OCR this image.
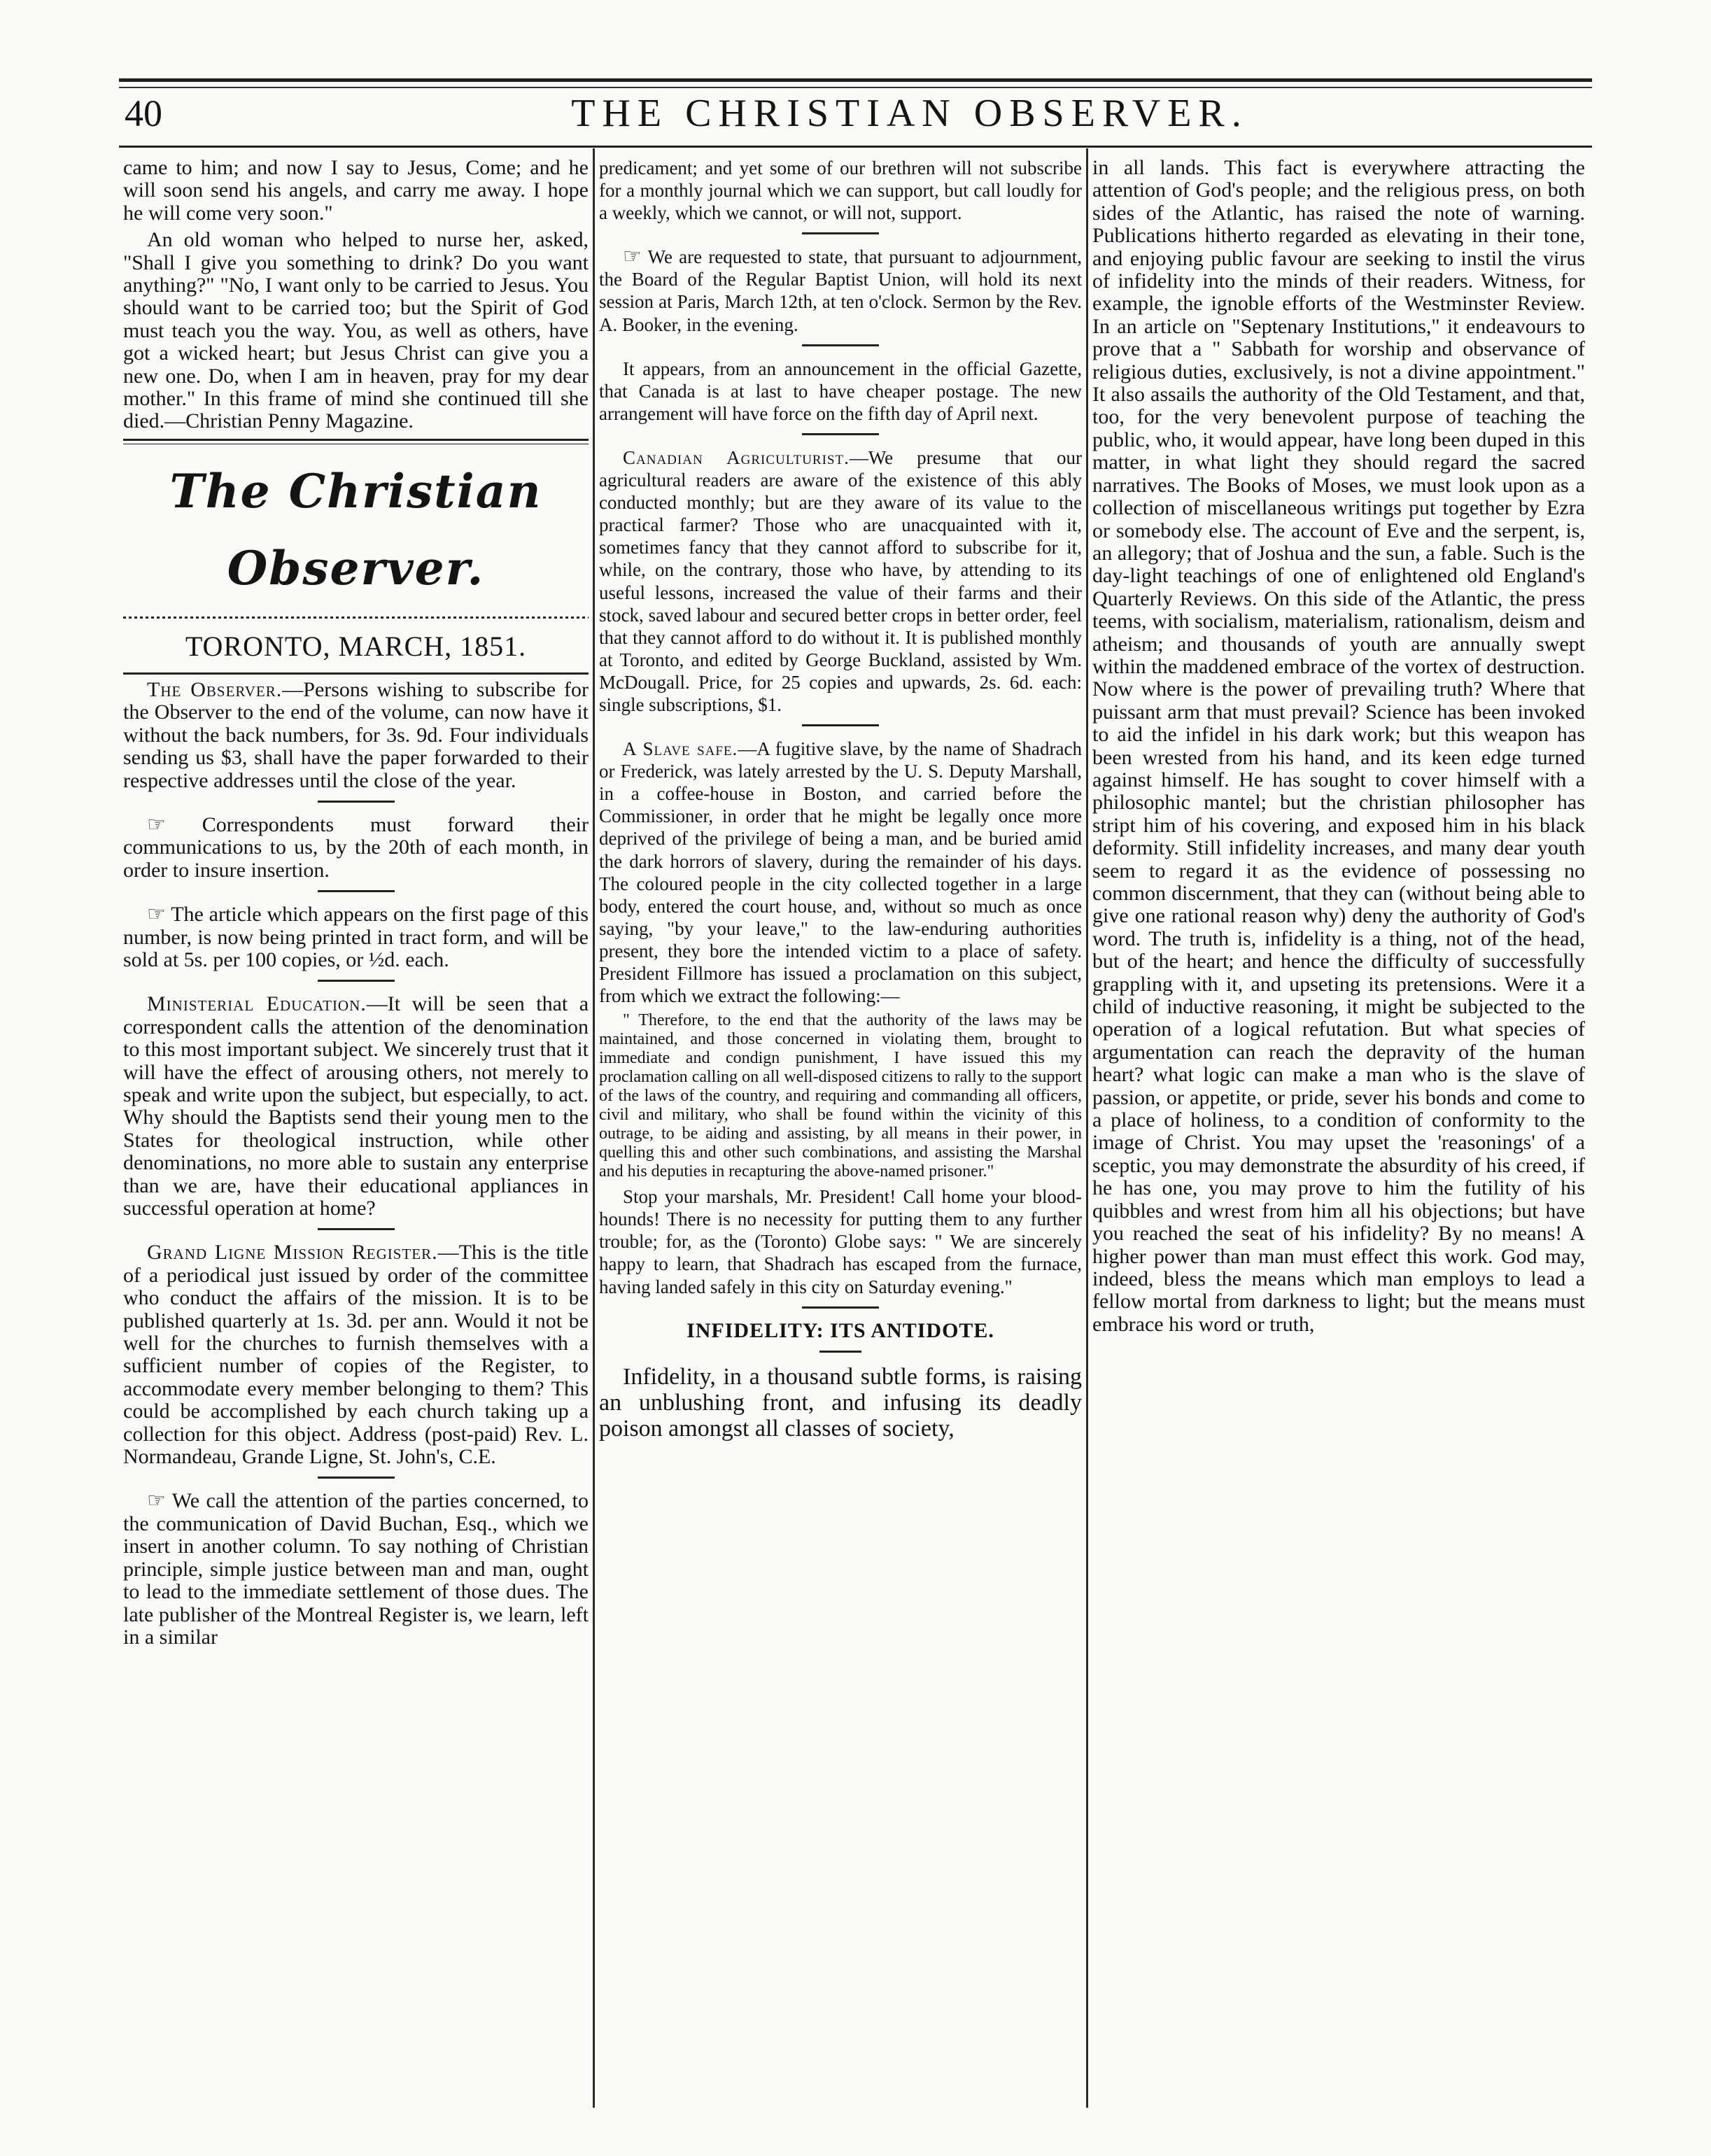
40	THE CHRISTIAN OBSERVER.

came to him; and now I say to Jesus, Come; and he will soon send his angels, and carry me away. I hope he will come very soon."

An old woman who helped to nurse her, asked, "Shall I give you something to drink? Do you want anything?" "No, I want only to be carried to Jesus. You should want to be carried too; but the Spirit of God must teach you the way. You, as well as others, have got a wicked heart; but Jesus Christ can give you a new one. Do, when I am in heaven, pray for my dear mother." In this frame of mind she continued till she died.—Christian Penny Magazine.

The Christian Observer.
TORONTO, MARCH, 1851.

The Observer.—Persons wishing to subscribe for the Observer to the end of the volume, can now have it without the back numbers, for 3s. 9d. Four individuals sending us $3, shall have the paper forwarded to their respective addresses until the close of the year.

☞ Correspondents must forward their communications to us, by the 20th of each month, in order to insure insertion.

☞ The article which appears on the first page of this number, is now being printed in tract form, and will be sold at 5s. per 100 copies, or ½d. each.

Ministerial Education.—It will be seen that a correspondent calls the attention of the denomination to this most important subject. We sincerely trust that it will have the effect of arousing others, not merely to speak and write upon the subject, but especially, to act. Why should the Baptists send their young men to the States for theological instruction, while other denominations, no more able to sustain any enterprise than we are, have their educational appliances in successful operation at home?

Grand Ligne Mission Register.—This is the title of a periodical just issued by order of the committee who conduct the affairs of the mission. It is to be published quarterly at 1s. 3d. per ann. Would it not be well for the churches to furnish themselves with a sufficient number of copies of the Register, to accommodate every member belonging to them? This could be accomplished by each church taking up a collection for this object. Address (post-paid) Rev. L. Normandeau, Grande Ligne, St. John's, C.E.

☞ We call the attention of the parties concerned, to the communication of David Buchan, Esq., which we insert in another column. To say nothing of Christian principle, simple justice between man and man, ought to lead to the immediate settlement of those dues. The late publisher of the Montreal Register is, we learn, left in a similar

predicament; and yet some of our brethren will not subscribe for a monthly journal which we can support, but call loudly for a weekly, which we cannot, or will not, support.

☞ We are requested to state, that pursuant to adjournment, the Board of the Regular Baptist Union, will hold its next session at Paris, March 12th, at ten o'clock. Sermon by the Rev. A. Booker, in the evening.

It appears, from an announcement in the official Gazette, that Canada is at last to have cheaper postage. The new arrangement will have force on the fifth day of April next.

Canadian Agriculturist.—We presume that our agricultural readers are aware of the existence of this ably conducted monthly; but are they aware of its value to the practical farmer? Those who are unacquainted with it, sometimes fancy that they cannot afford to subscribe for it, while, on the contrary, those who have, by attending to its useful lessons, increased the value of their farms and their stock, saved labour and secured better crops in better order, feel that they cannot afford to do without it. It is published monthly at Toronto, and edited by George Buckland, assisted by Wm. McDougall. Price, for 25 copies and upwards, 2s. 6d. each: single subscriptions, $1.

A Slave safe.—A fugitive slave, by the name of Shadrach or Frederick, was lately arrested by the U. S. Deputy Marshall, in a coffee-house in Boston, and carried before the Commissioner, in order that he might be legally once more deprived of the privilege of being a man, and be buried amid the dark horrors of slavery, during the remainder of his days. The coloured people in the city collected together in a large body, entered the court house, and, without so much as once saying, "by your leave," to the law-enduring authorities present, they bore the intended victim to a place of safety. President Fillmore has issued a proclamation on this subject, from which we extract the following:—

" Therefore, to the end that the authority of the laws may be maintained, and those concerned in violating them, brought to immediate and condign punishment, I have issued this my proclamation calling on all well-disposed citizens to rally to the support of the laws of the country, and requiring and commanding all officers, civil and military, who shall be found within the vicinity of this outrage, to be aiding and assisting, by all means in their power, in quelling this and other such combinations, and assisting the Marshal and his deputies in recapturing the above-named prisoner."

Stop your marshals, Mr. President! Call home your blood-hounds! There is no necessity for putting them to any further trouble; for, as the (Toronto) Globe says: " We are sincerely happy to learn, that Shadrach has escaped from the furnace, having landed safely in this city on Saturday evening."

INFIDELITY: ITS ANTIDOTE.

Infidelity, in a thousand subtle forms, is raising an unblushing front, and infusing its deadly poison amongst all classes of society,

in all lands. This fact is everywhere attracting the attention of God's people; and the religious press, on both sides of the Atlantic, has raised the note of warning. Publications hitherto regarded as elevating in their tone, and enjoying public favour are seeking to instil the virus of infidelity into the minds of their readers. Witness, for example, the ignoble efforts of the Westminster Review. In an article on "Septenary Institutions," it endeavours to prove that a " Sabbath for worship and observance of religious duties, exclusively, is not a divine appointment." It also assails the authority of the Old Testament, and that, too, for the very benevolent purpose of teaching the public, who, it would appear, have long been duped in this matter, in what light they should regard the sacred narratives. The Books of Moses, we must look upon as a collection of miscellaneous writings put together by Ezra or somebody else. The account of Eve and the serpent, is, an allegory; that of Joshua and the sun, a fable. Such is the day-light teachings of one of enlightened old England's Quarterly Reviews. On this side of the Atlantic, the press teems, with socialism, materialism, rationalism, deism and atheism; and thousands of youth are annually swept within the maddened embrace of the vortex of destruction. Now where is the power of prevailing truth? Where that puissant arm that must prevail? Science has been invoked to aid the infidel in his dark work; but this weapon has been wrested from his hand, and its keen edge turned against himself. He has sought to cover himself with a philosophic mantel; but the christian philosopher has stript him of his covering, and exposed him in his black deformity. Still infidelity increases, and many dear youth seem to regard it as the evidence of possessing no common discernment, that they can (without being able to give one rational reason why) deny the authority of God's word. The truth is, infidelity is a thing, not of the head, but of the heart; and hence the difficulty of successfully grappling with it, and upseting its pretensions. Were it a child of inductive reasoning, it might be subjected to the operation of a logical refutation. But what species of argumentation can reach the depravity of the human heart? what logic can make a man who is the slave of passion, or appetite, or pride, sever his bonds and come to a place of holiness, to a condition of conformity to the image of Christ. You may upset the 'reasonings' of a sceptic, you may demonstrate the absurdity of his creed, if he has one, you may prove to him the futility of his quibbles and wrest from him all his objections; but have you reached the seat of his infidelity? By no means! A higher power than man must effect this work. God may, indeed, bless the means which man employs to lead a fellow mortal from darkness to light; but the means must embrace his word or truth,
